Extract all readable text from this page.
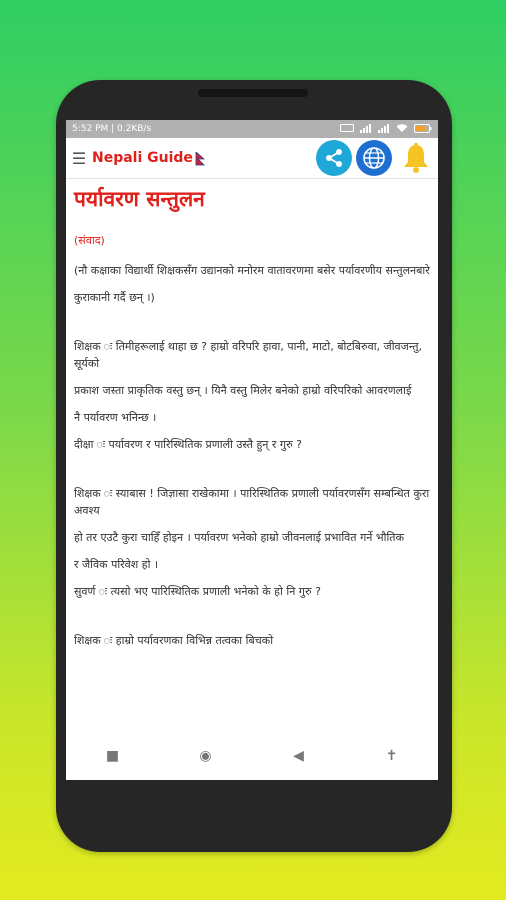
5:52 PM | 0.2KB/s
☰ Nepali Guide
पर्यावरण सन्तुलन
(संवाद)

(नौ कक्षाका विद्यार्थी शिक्षकसँग उद्यानको मनोरम वातावरणमा बसेर पर्यावरणीय सन्तुलनबारे

कुराकानी गर्दै छन् ।)

शिक्षक ः तिमीहरूलाई थाहा छ ? हाम्रो वरिपरि हावा, पानी, माटो, बोटबिरुवा, जीवजन्तु, सूर्यको

प्रकाश जस्ता प्राकृतिक वस्तु छन् । यिनै वस्तु मिलेर बनेको हाम्रो वरिपरिको आवरणलाई

नै पर्यावरण भनिन्छ ।

दीक्षा ः पर्यावरण र पारिस्थितिक प्रणाली उस्तै हुन् र गुरु ?

शिक्षक ः स्याबास ! जिज्ञासा राखेकामा । पारिस्थितिक प्रणाली पर्यावरणसँग सम्बन्धित कुरा अवश्य

हो तर एउटै कुरा चाहिँ होइन । पर्यावरण भनेको हाम्रो जीवनलाई प्रभावित गर्ने भौतिक

र जैविक परिवेश हो ।

सुवर्ण ः त्यसो भए पारिस्थितिक प्रणाली भनेको के हो नि गुरु ?

शिक्षक ः हाम्रो पर्यावरणका विभिन्न तत्वका बिचको

■	◉	◀	✝
